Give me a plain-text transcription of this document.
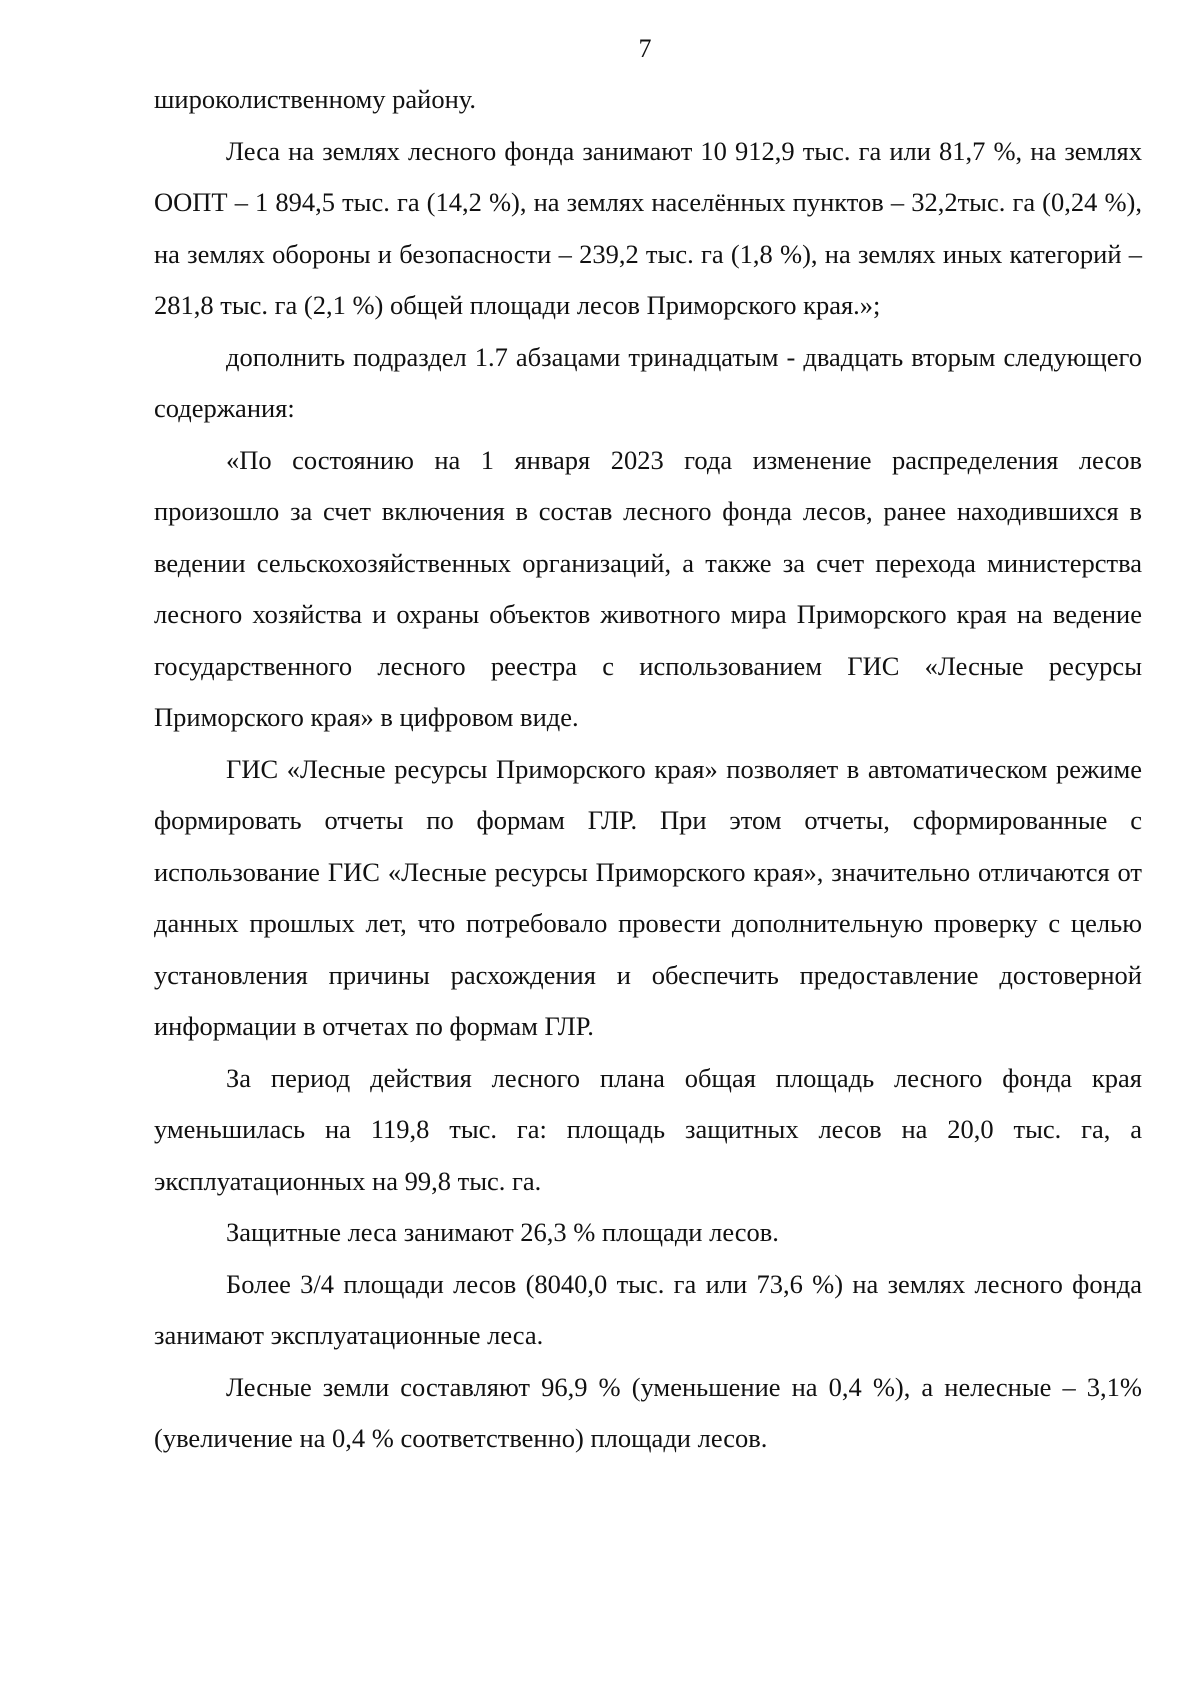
7

широколиственному району.

Леса на землях лесного фонда занимают 10 912,9 тыс. га или 81,7 %, на землях ООПТ – 1 894,5 тыс. га (14,2 %), на землях населённых пунктов – 32,2тыс. га (0,24 %), на землях обороны и безопасности – 239,2 тыс. га (1,8 %), на землях иных категорий – 281,8 тыс. га (2,1 %) общей площади лесов Приморского края.»;

дополнить подраздел 1.7 абзацами тринадцатым - двадцать вторым следующего содержания:

«По состоянию на 1 января 2023 года изменение распределения лесов произошло за счет включения в состав лесного фонда лесов, ранее находившихся в ведении сельскохозяйственных организаций, а также за счет перехода министерства лесного хозяйства и охраны объектов животного мира Приморского края на ведение государственного лесного реестра с использованием ГИС «Лесные ресурсы Приморского края» в цифровом виде.

ГИС «Лесные ресурсы Приморского края» позволяет в автоматическом режиме формировать отчеты по формам ГЛР. При этом отчеты, сформированные с использование ГИС «Лесные ресурсы Приморского края», значительно отличаются от данных прошлых лет, что потребовало провести дополнительную проверку с целью установления причины расхождения и обеспечить предоставление достоверной информации в отчетах по формам ГЛР.

За период действия лесного плана общая площадь лесного фонда края уменьшилась на 119,8 тыс. га: площадь защитных лесов на 20,0 тыс. га, а эксплуатационных на 99,8 тыс. га.

Защитные леса занимают 26,3 % площади лесов.

Более 3/4 площади лесов (8040,0 тыс. га или 73,6 %) на землях лесного фонда занимают эксплуатационные леса.

Лесные земли составляют 96,9 % (уменьшение на 0,4 %), а нелесные – 3,1% (увеличение на 0,4 % соответственно) площади лесов.
